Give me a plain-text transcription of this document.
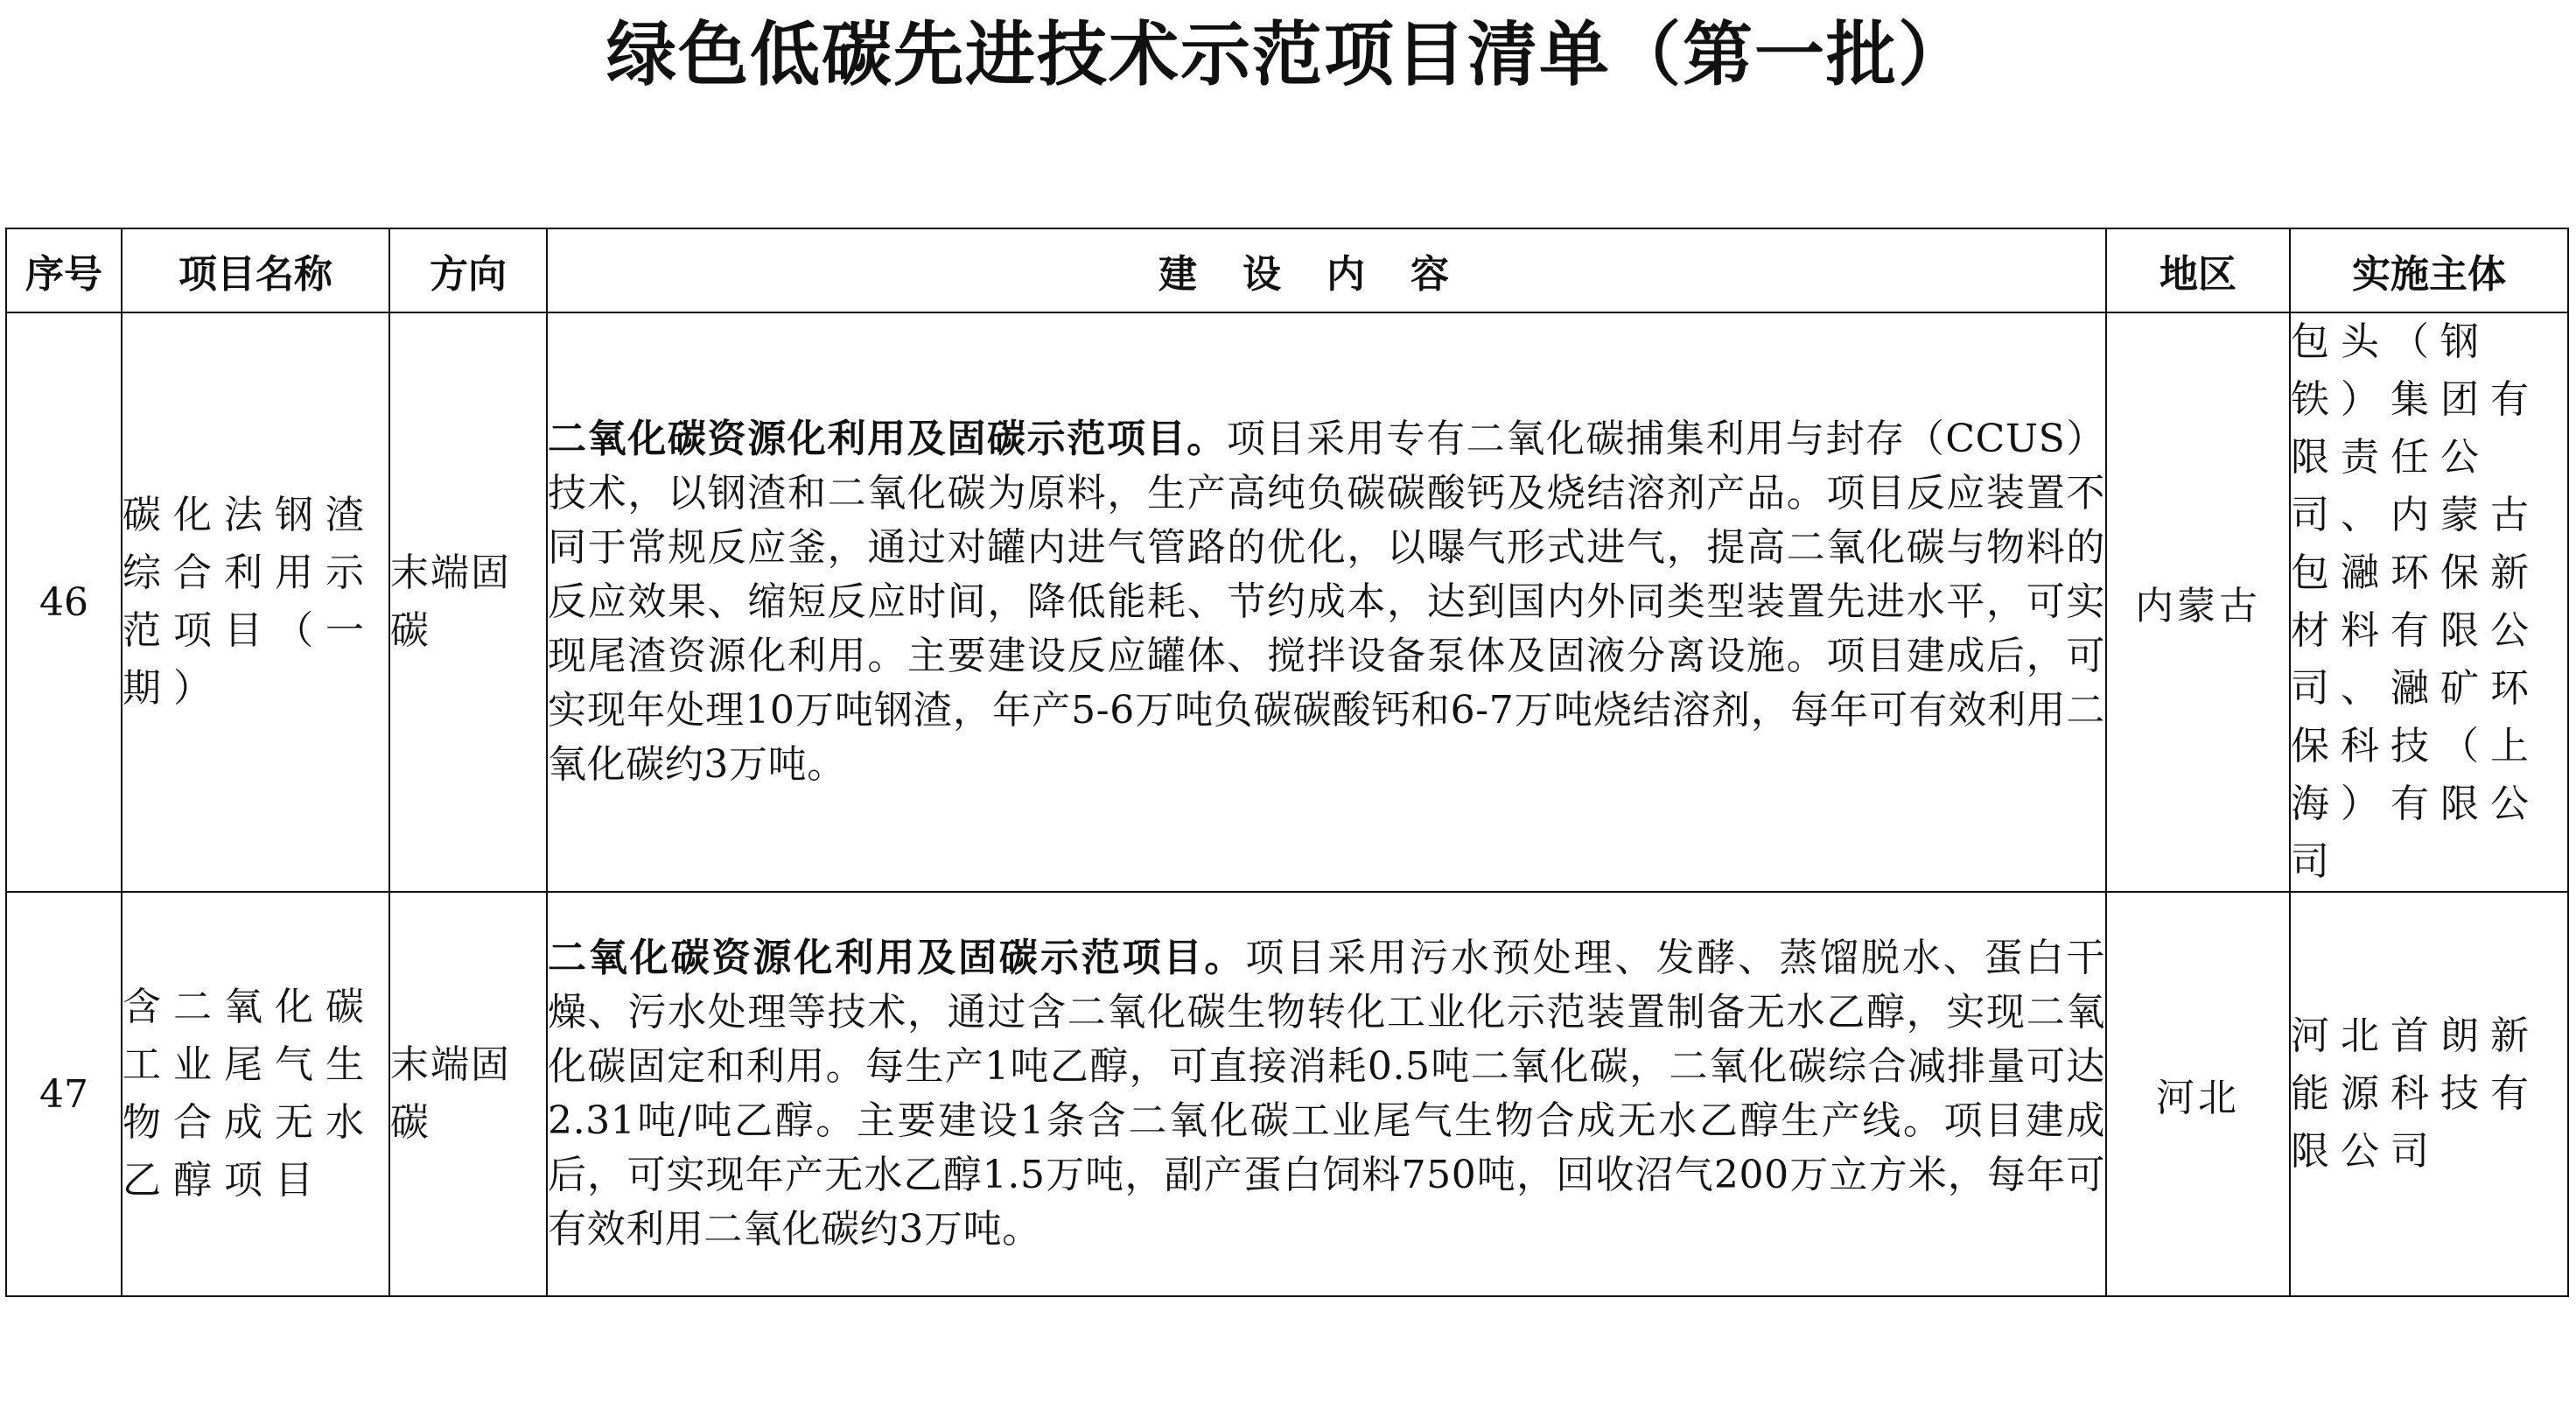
绿色低碳先进技术示范项目清单（第一批）
序号	项目名称	方向	建设内容	地区	实施主体
46	碳化法钢渣综合利用示范项目（一期）	末端固碳	二氧化碳资源化利用及固碳示范项目。项目采用专有二氧化碳捕集利用与封存（CCUS）技术，以钢渣和二氧化碳为原料，生产高纯负碳碳酸钙及烧结溶剂产品。项目反应装置不同于常规反应釜，通过对罐内进气管路的优化，以曝气形式进气，提高二氧化碳与物料的反应效果、缩短反应时间，降低能耗、节约成本，达到国内外同类型装置先进水平，可实现尾渣资源化利用。主要建设反应罐体、搅拌设备泵体及固液分离设施。项目建成后，可实现年处理10万吨钢渣，年产5-6万吨负碳碳酸钙和6-7万吨烧结溶剂，每年可有效利用二氧化碳约3万吨。	内蒙古	包头（钢铁）集团有限责任公司、内蒙古包瀜环保新材料有限公司、瀜矿环保科技（上海）有限公司
47	含二氧化碳工业尾气生物合成无水乙醇项目	末端固碳	二氧化碳资源化利用及固碳示范项目。项目采用污水预处理、发酵、蒸馏脱水、蛋白干燥、污水处理等技术，通过含二氧化碳生物转化工业化示范装置制备无水乙醇，实现二氧化碳固定和利用。每生产1吨乙醇，可直接消耗0.5吨二氧化碳，二氧化碳综合减排量可达2.31吨/吨乙醇。主要建设1条含二氧化碳工业尾气生物合成无水乙醇生产线。项目建成后，可实现年产无水乙醇1.5万吨，副产蛋白饲料750吨，回收沼气200万立方米，每年可有效利用二氧化碳约3万吨。	河北	河北首朗新能源科技有限公司
